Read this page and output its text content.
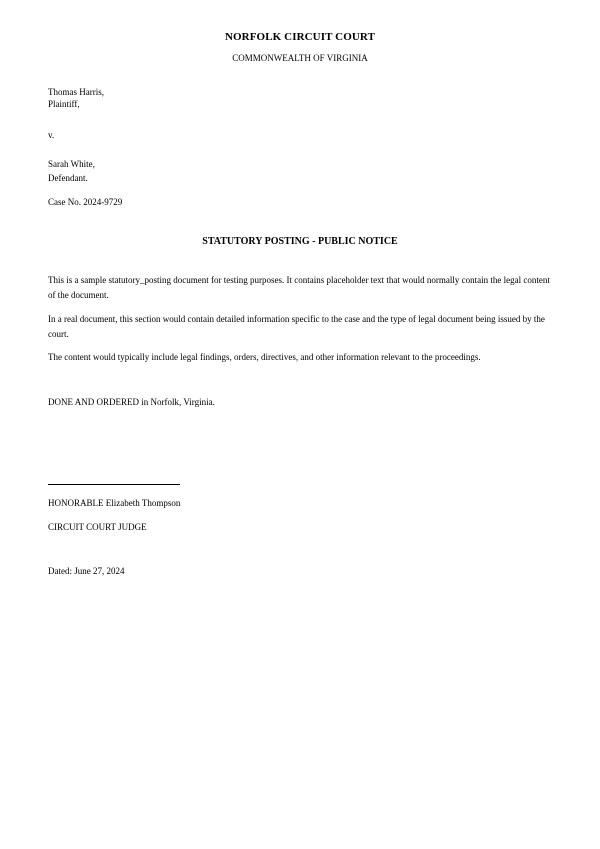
NORFOLK CIRCUIT COURT
COMMONWEALTH OF VIRGINIA
Thomas Harris,
Plaintiff,
v.
Sarah White,
Defendant.
Case No. 2024-9729
STATUTORY POSTING - PUBLIC NOTICE
This is a sample statutory_posting document for testing purposes. It contains placeholder text that would normally contain the legal content of the document.
In a real document, this section would contain detailed information specific to the case and the type of legal document being issued by the court.
The content would typically include legal findings, orders, directives, and other information relevant to the proceedings.
DONE AND ORDERED in Norfolk, Virginia.
HONORABLE Elizabeth Thompson
CIRCUIT COURT JUDGE
Dated: June 27, 2024
